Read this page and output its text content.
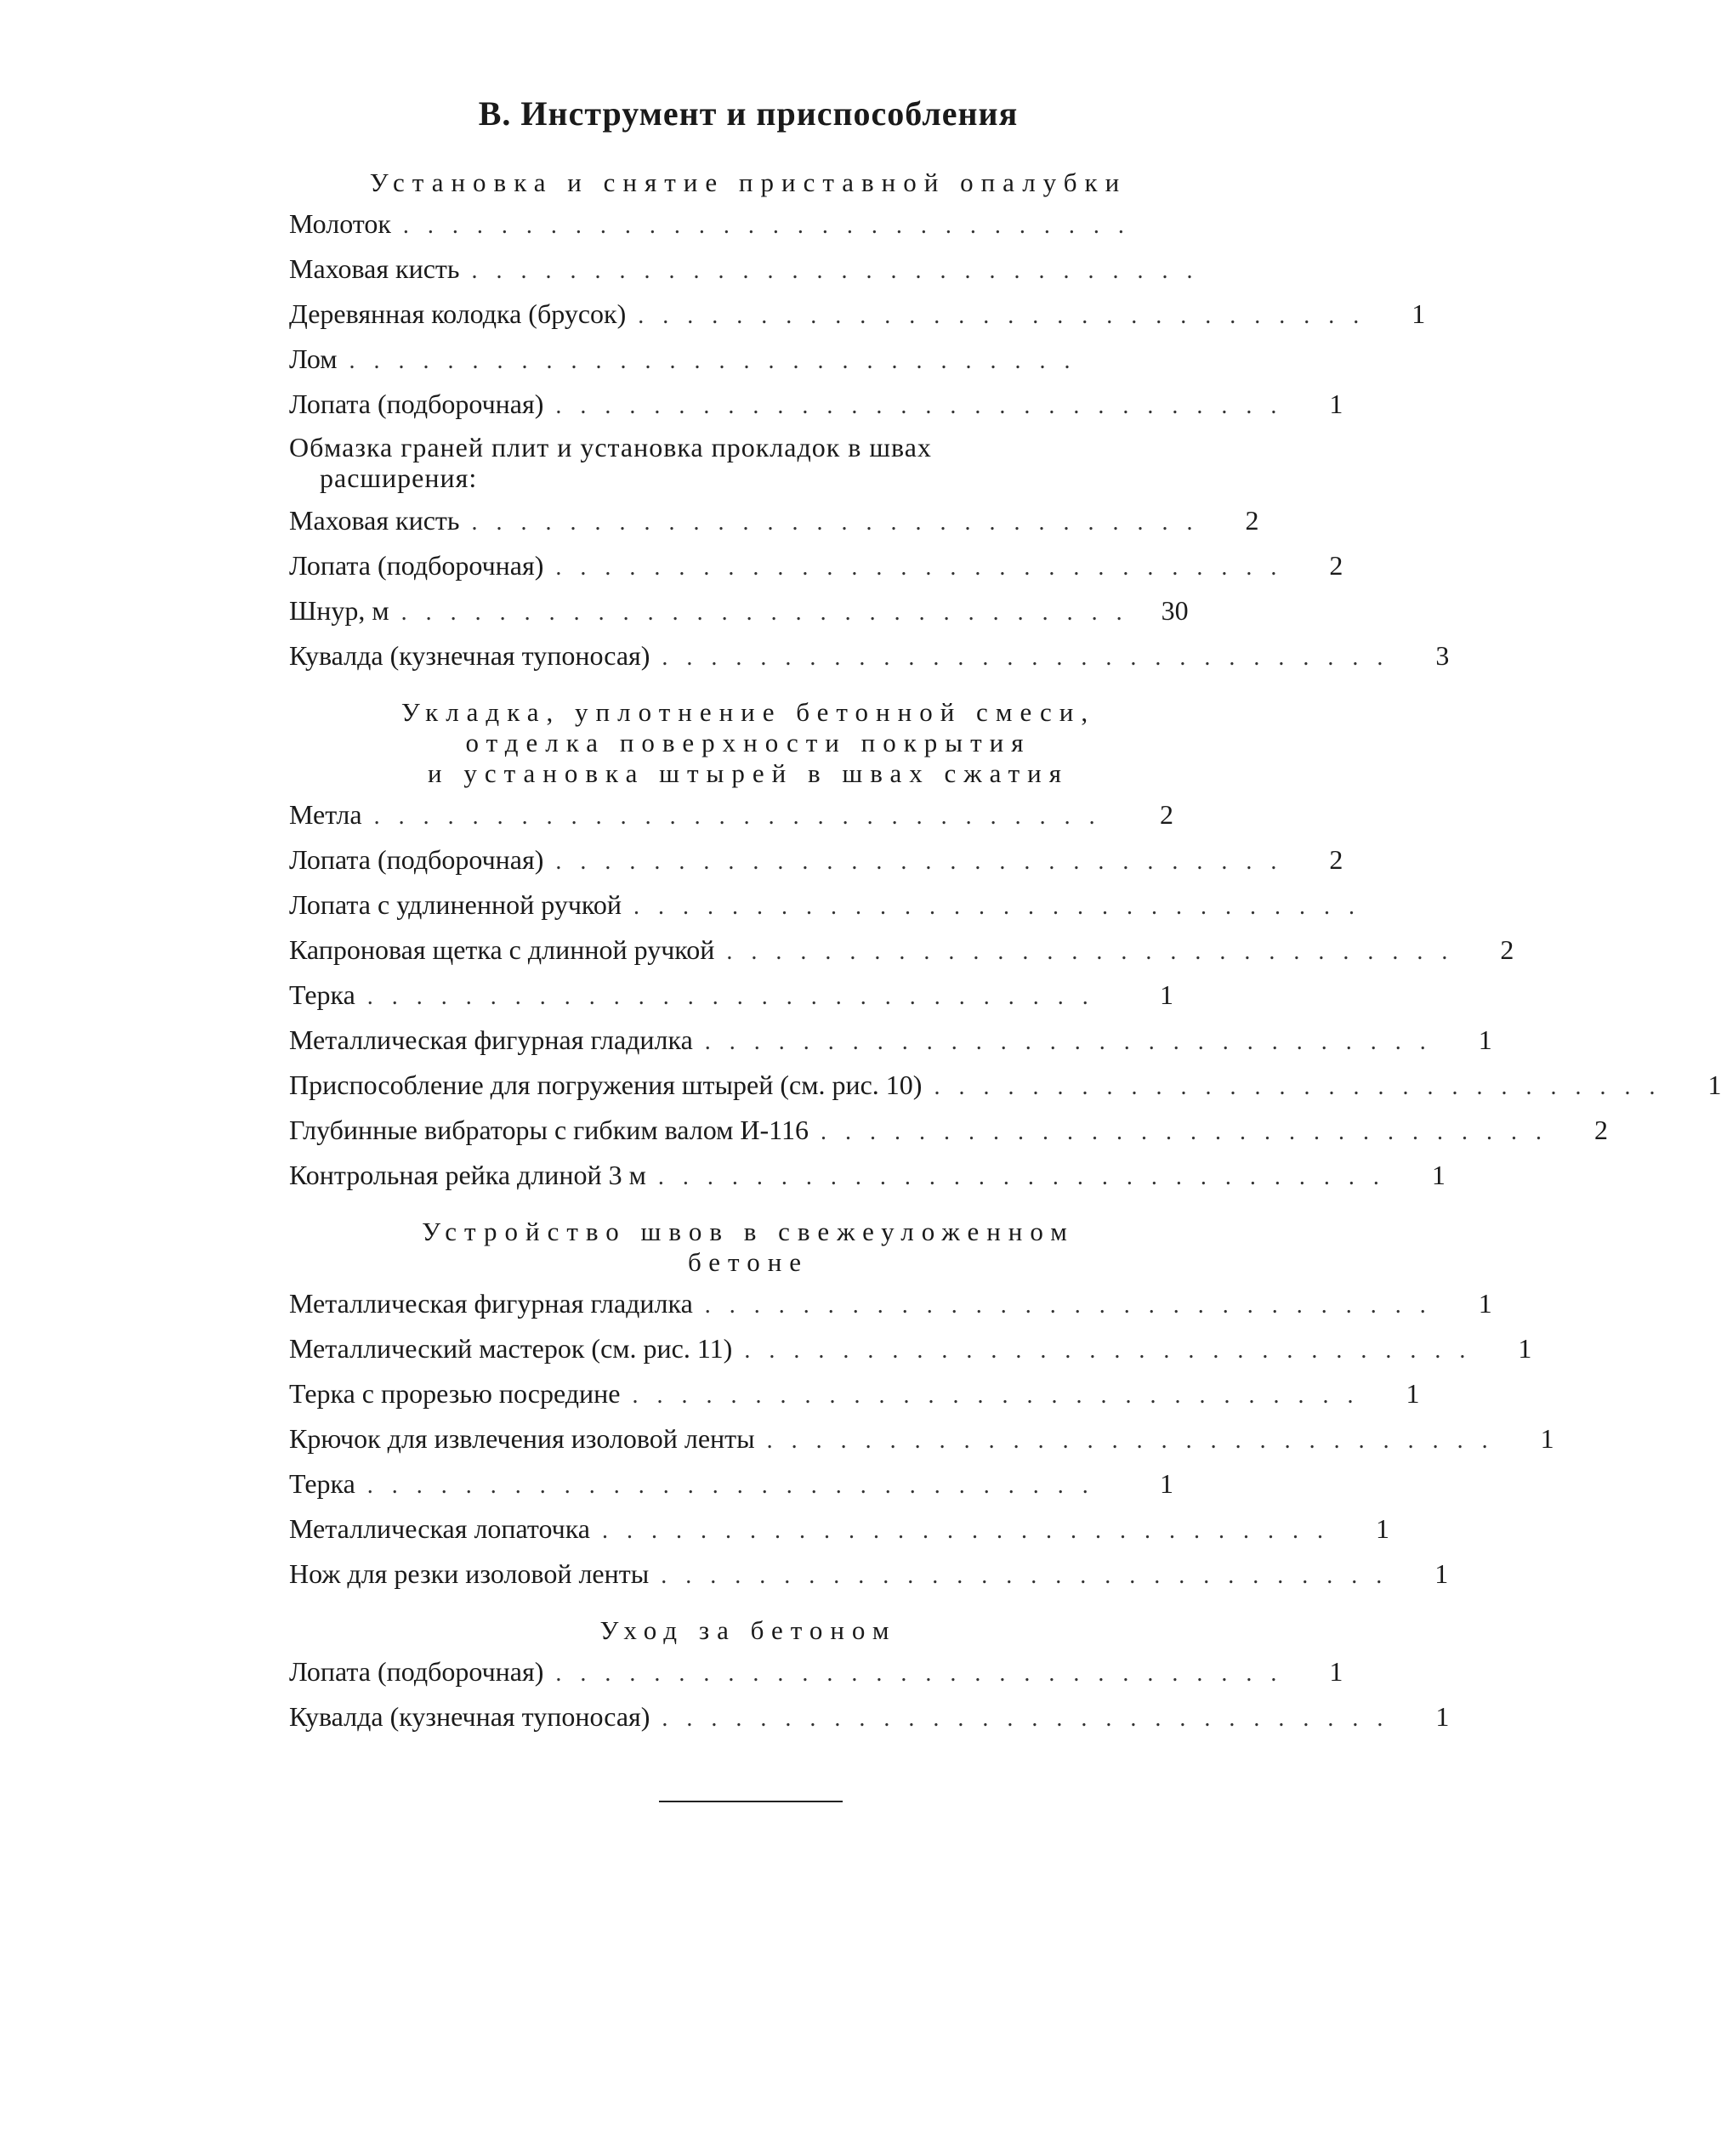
В. Инструмент и приспособления
Установка и снятие приставной опалубки
Молоток ..............................
Маховая кисть ..............................
Деревянная колодка (брусок) ..............................	1
Лом ..............................
Лопата (подборочная) ..............................	1
Обмазка граней плит и установка прокладок в швах
расширения:
Маховая кисть ..............................	2
Лопата (подборочная) ..............................	2
Шнур, м .............................. 30
Кувалда (кузнечная тупоносая) ..............................	3
Укладка, уплотнение бетонной смеси,
отделка поверхности покрытия
и установка штырей в швах сжатия
Метла ..............................	2
Лопата (подборочная) ..............................	2
Лопата с удлиненной ручкой ..............................
Капроновая щетка с длинной ручкой ..............................	2
Терка ..............................	1
Металлическая фигурная гладилка ..............................	1
Приспособление для погружения штырей (см. рис. 10) ..............................	1
Глубинные вибраторы с гибким валом И-116 ..............................	2
Контрольная рейка длиной 3 м ..............................	1
Устройство швов в свежеуложенном
бетоне
Металлическая фигурная гладилка ..............................	1
Металлический мастерок (см. рис. 11) ..............................	1
Терка с прорезью посредине ..............................	1
Крючок для извлечения изоловой ленты ..............................	1
Терка ..............................	1
Металлическая лопаточка ..............................	1
Нож для резки изоловой ленты ..............................	1
Уход за бетоном
Лопата (подборочная) ..............................	1
Кувалда (кузнечная тупоносая) ..............................	1
